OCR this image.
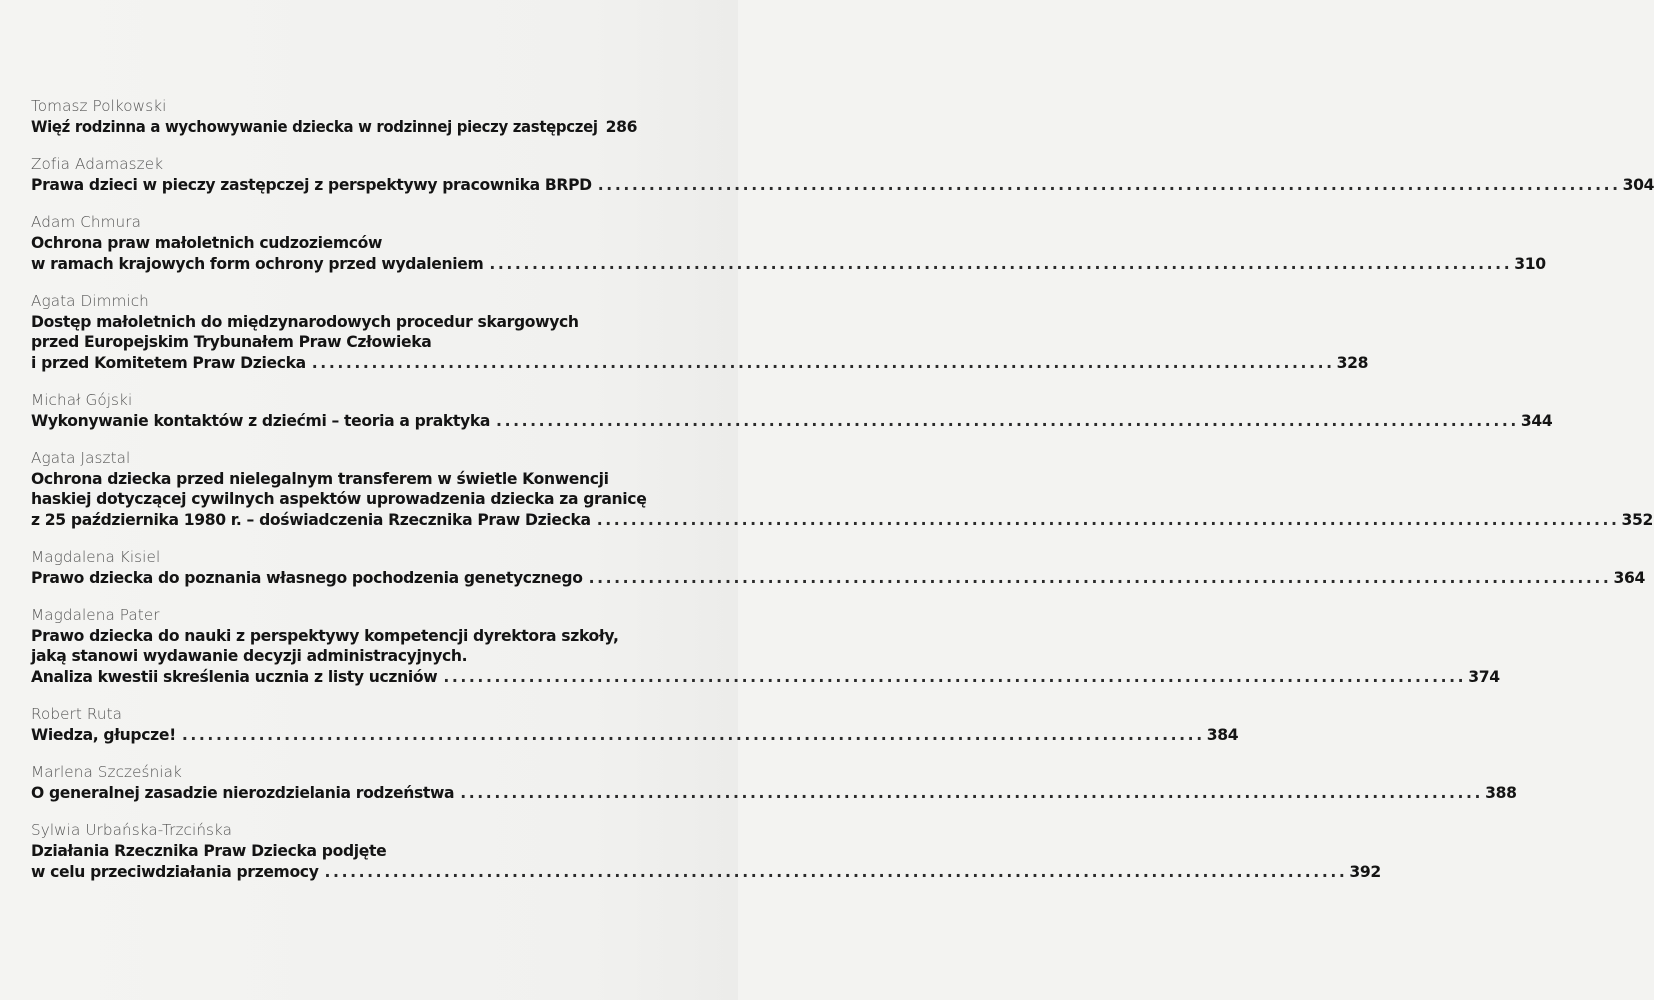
Tomasz Polkowski
Więź rodzinna a wychowywanie dziecka w rodzinnej pieczy zastępczej 286
Zofia Adamaszek
Prawa dzieci w pieczy zastępczej z perspektywy pracownika BRPD ........................................................................................................................ 304
Adam Chmura
Ochrona praw małoletnich cudzoziemców
w ramach krajowych form ochrony przed wydaleniem ........................................................................................................................ 310
Agata Dimmich
Dostęp małoletnich do międzynarodowych procedur skargowych
przed Europejskim Trybunałem Praw Człowieka
i przed Komitetem Praw Dziecka ........................................................................................................................ 328
Michał Gójski
Wykonywanie kontaktów z dziećmi – teoria a praktyka ........................................................................................................................ 344
Agata Jasztal
Ochrona dziecka przed nielegalnym transferem w świetle Konwencji
haskiej dotyczącej cywilnych aspektów uprowadzenia dziecka za granicę
z 25 października 1980 r. – doświadczenia Rzecznika Praw Dziecka ........................................................................................................................ 352
Magdalena Kisiel
Prawo dziecka do poznania własnego pochodzenia genetycznego ........................................................................................................................ 364
Magdalena Pater
Prawo dziecka do nauki z perspektywy kompetencji dyrektora szkoły,
jaką stanowi wydawanie decyzji administracyjnych.
Analiza kwestii skreślenia ucznia z listy uczniów ........................................................................................................................ 374
Robert Ruta
Wiedza, głupcze! ........................................................................................................................ 384
Marlena Szcześniak
O generalnej zasadzie nierozdzielania rodzeństwa ........................................................................................................................ 388
Sylwia Urbańska-Trzcińska
Działania Rzecznika Praw Dziecka podjęte
w celu przeciwdziałania przemocy ........................................................................................................................ 392
